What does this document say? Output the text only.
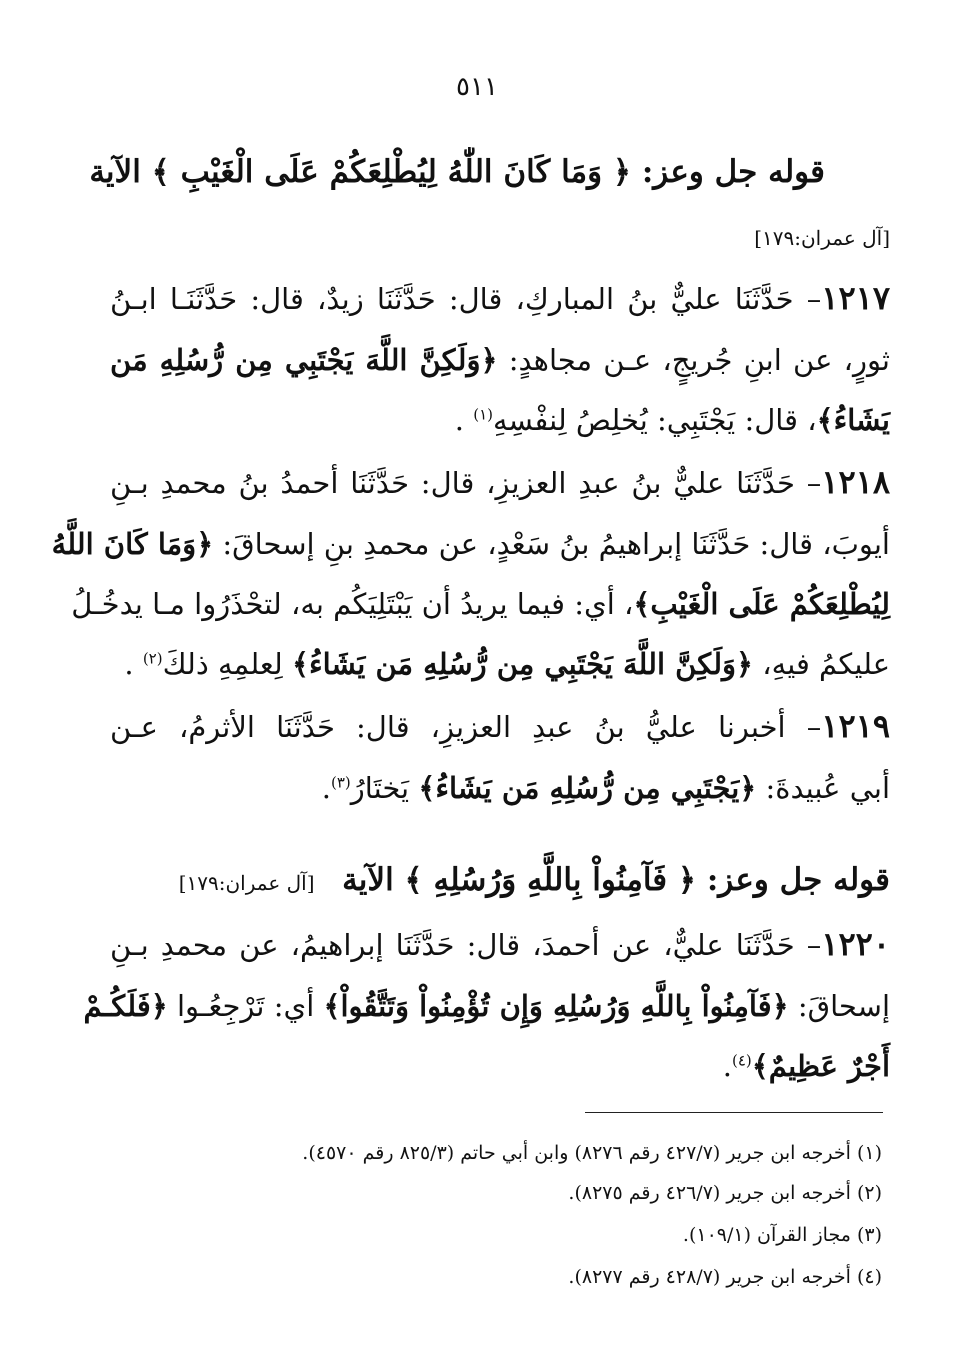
٥١١
قوله جل وعز: ﴿ وَمَا كَانَ اللّٰهُ لِيُطْلِعَكُمْ عَلَى الْغَيْبِ ﴾ الآية
[آل عمران:١٧٩]
١٢١٧– حَدَّثَنَا عليٌّ بنُ المباركِ، قال: حَدَّثَنَا زيدٌ، قال: حَدَّثَنَـا ابـنُ
ثورٍ، عن ابنِ جُريجٍ، عـن مجاهدٍ: ﴿وَلَكِنَّ اللَّهَ يَجْتَبِي مِن رُّسُلِهِ مَن
يَشَاءُ﴾، قال: يَجْتَبِي: يُخلِصُ لِنفْسِهِ$^{(١)}$ .
١٢١٨– حَدَّثَنَا عليٌّ بنُ عبدِ العزيزِ، قال: حَدَّثَنَا أحمدُ بنُ محمدِ بـنِ
أيوبَ، قال: حَدَّثَنَا إبراهيمُ بنُ سَعْدٍ، عن محمدِ بنِ إسحاقَ: ﴿وَمَا كَانَ اللَّهُ
لِيُطْلِعَكُمْ عَلَى الْغَيْبِ﴾، أي: فيما يريدُ أن يَبْتَلِيَكُم به، لتحْذَرُوا مـا يدخُـلُ
عليكمُ فيهِ، ﴿وَلَكِنَّ اللَّهَ يَجْتَبِي مِن رُّسُلِهِ مَن يَشَاءُ﴾ لِعلمِهِ ذلكَ$^{(٢)}$ .
١٢١٩– أخبرنا عليُّ بنُ عبدِ العزيزِ، قال: حَدَّثَنَا الأثرمُ، عـن
أبي عُبيدةَ: ﴿يَجْتَبِي مِن رُّسُلِهِ مَن يَشَاءُ﴾ يَختَارُ$^{(٣)}$.
قوله جل وعز: ﴿ فَآمِنُواْ بِاللَّهِ وَرُسُلِهِ ﴾ الآية   [آل عمران:١٧٩]
١٢٢٠– حَدَّثَنَا عليٌّ، عن أحمدَ، قال: حَدَّثَنَا إبراهيمُ، عن محمدِ بـنِ
إسحاقَ: ﴿فَآمِنُواْ بِاللَّهِ وَرُسُلِهِ وَإِن تُؤْمِنُواْ وَتَتَّقُواْ﴾ أي: تَرْجِعُـوا ﴿فَلَكُـمْ
أَجْرٌ عَظِيمٌ﴾$^{(٤)}$.
(١) أخرجه ابن جرير (٤٢٧/٧ رقم ٨٢٧٦) وابن أبي حاتم (٨٢٥/٣ رقم ٤٥٧٠).
(٢) أخرجه ابن جرير (٤٢٦/٧ رقم ٨٢٧٥).
(٣) مجاز القرآن (١٠٩/١).
(٤) أخرجه ابن جرير (٤٢٨/٧ رقم ٨٢٧٧).
